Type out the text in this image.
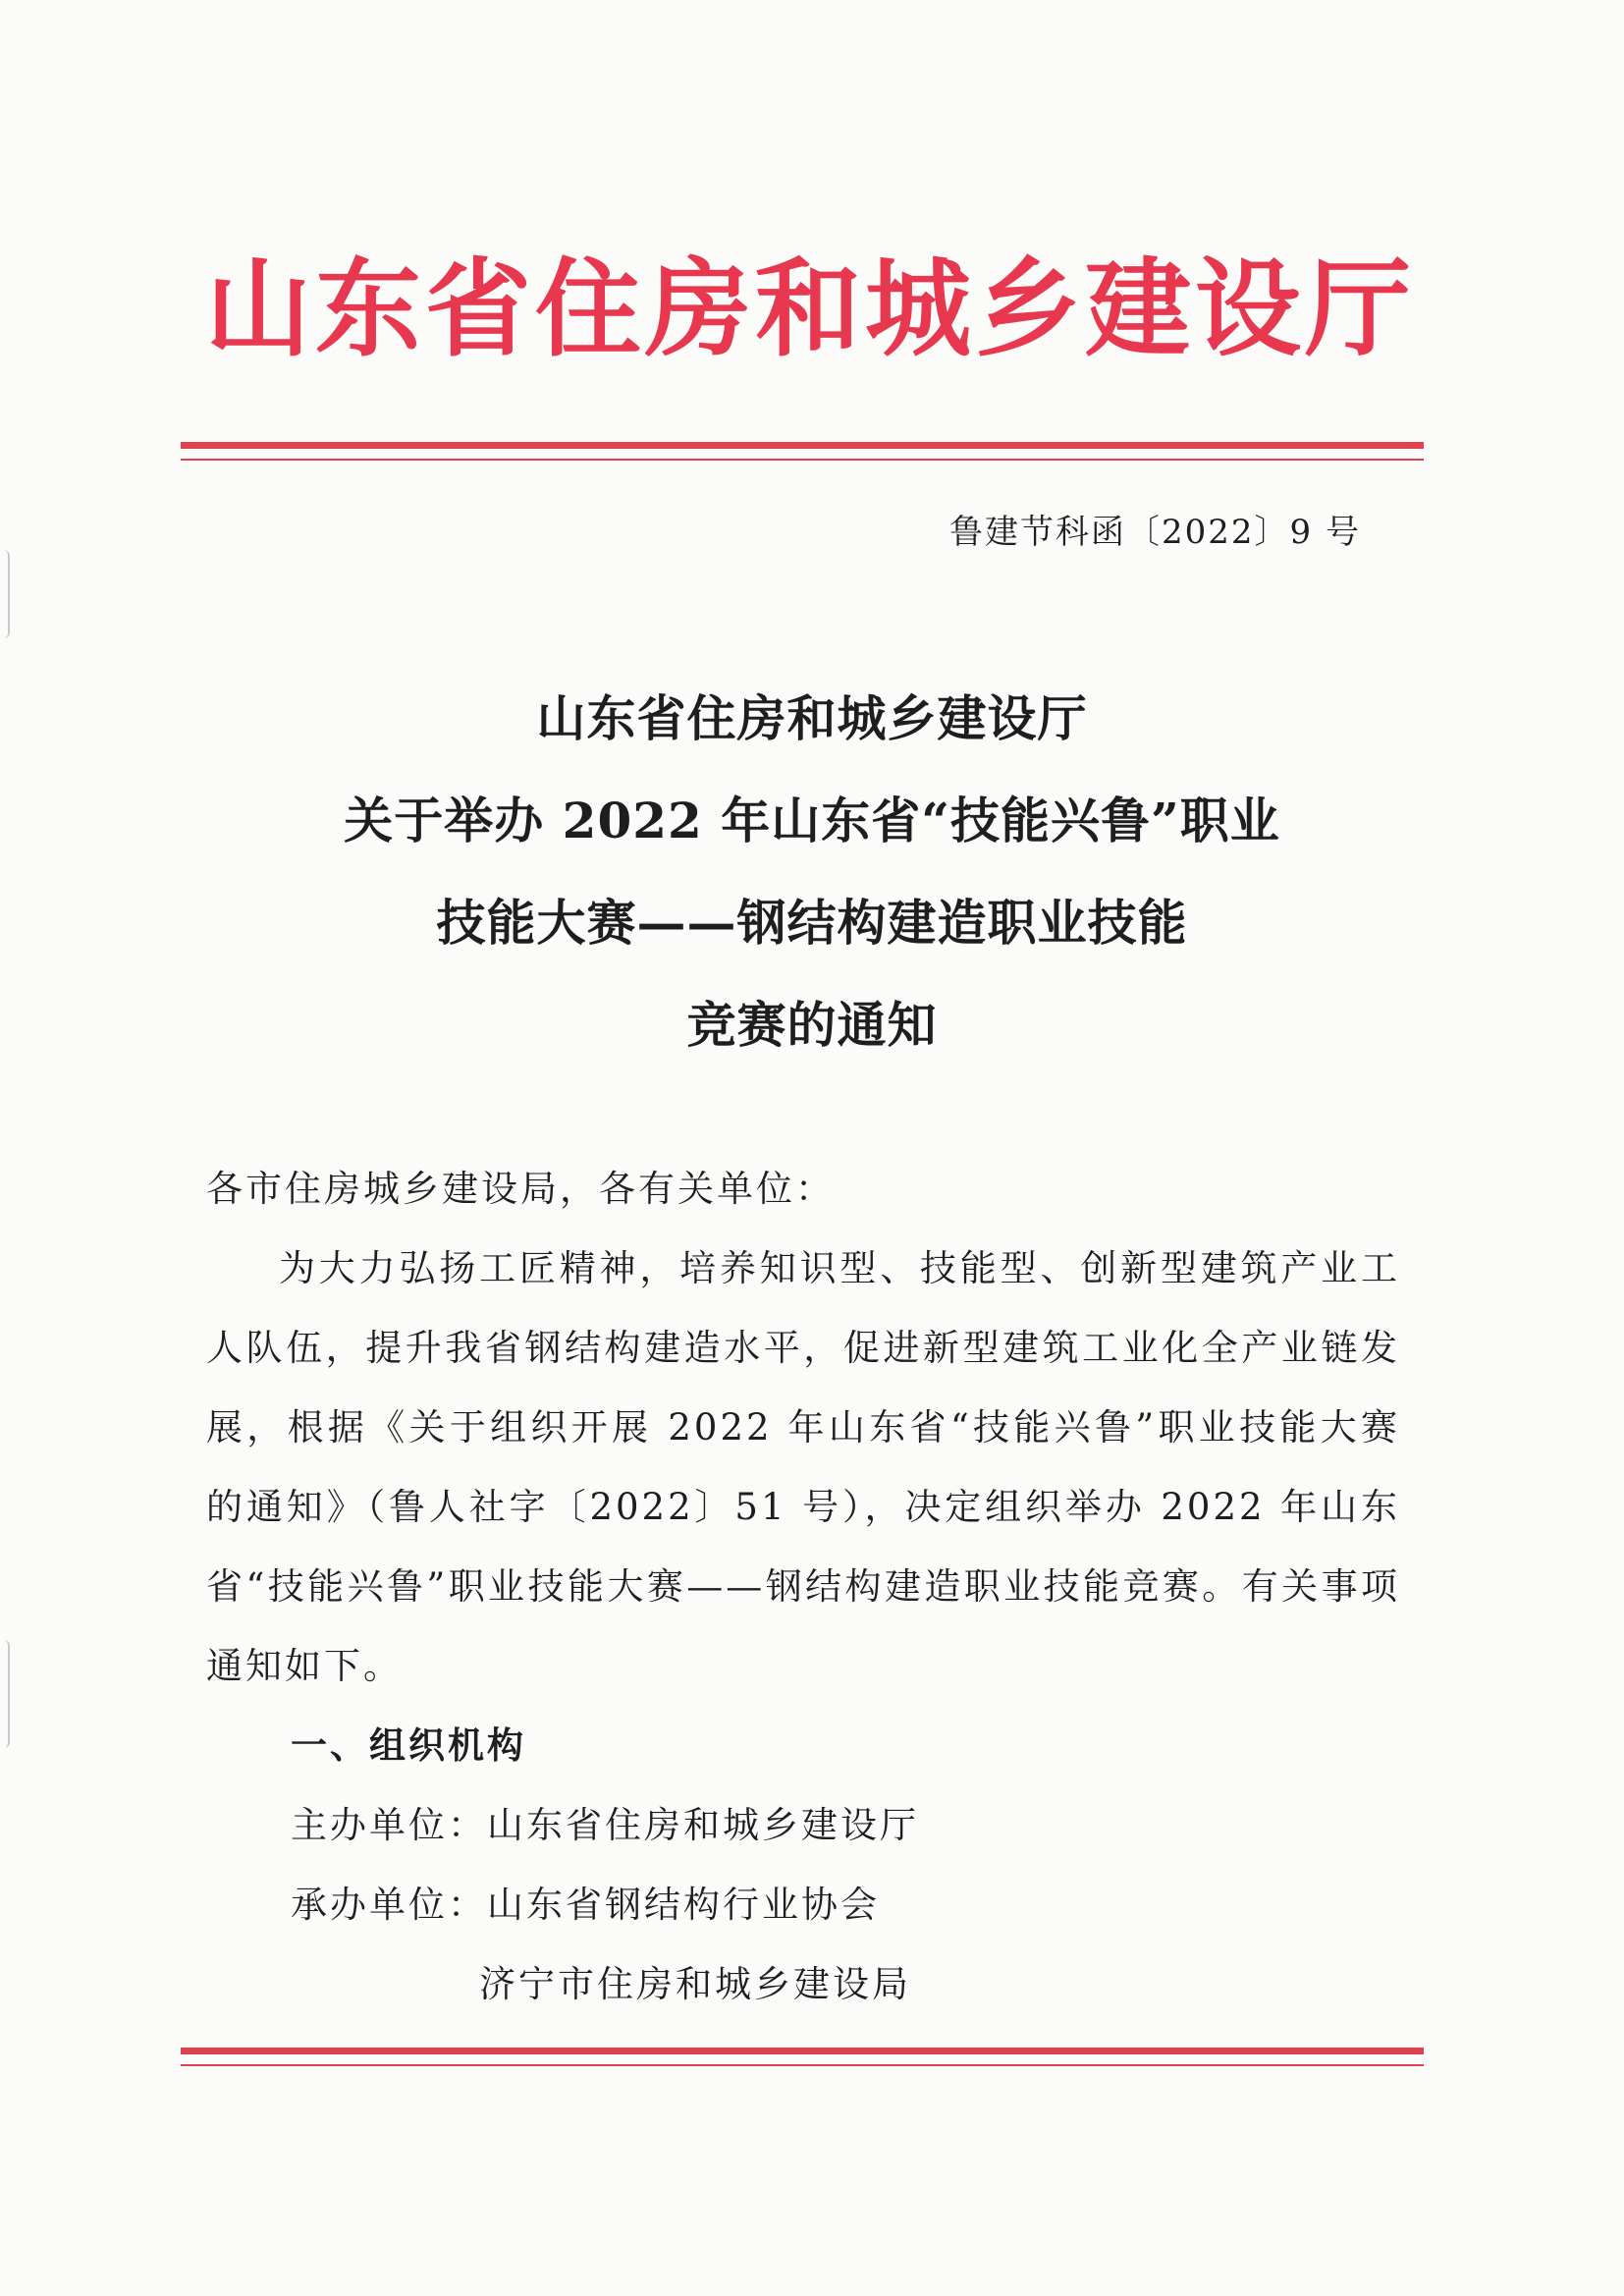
山东省住房和城乡建设厅
鲁建节科函〔2022〕9 号
山东省住房和城乡建设厅
关于举办 2022 年山东省“技能兴鲁”职业
技能大赛——钢结构建造职业技能
竞赛的通知

各市住房城乡建设局，各有关单位：

为大力弘扬工匠精神，培养知识型、技能型、创新型建筑产业工人队伍，提升我省钢结构建造水平，促进新型建筑工业化全产业链发展，根据《关于组织开展 2022 年山东省“技能兴鲁”职业技能大赛的通知》（鲁人社字〔2022〕51 号），决定组织举办 2022 年山东省“技能兴鲁”职业技能大赛——钢结构建造职业技能竞赛。有关事项通知如下。

一、组织机构

主办单位：山东省住房和城乡建设厅

承办单位：山东省钢结构行业协会

济宁市住房和城乡建设局
